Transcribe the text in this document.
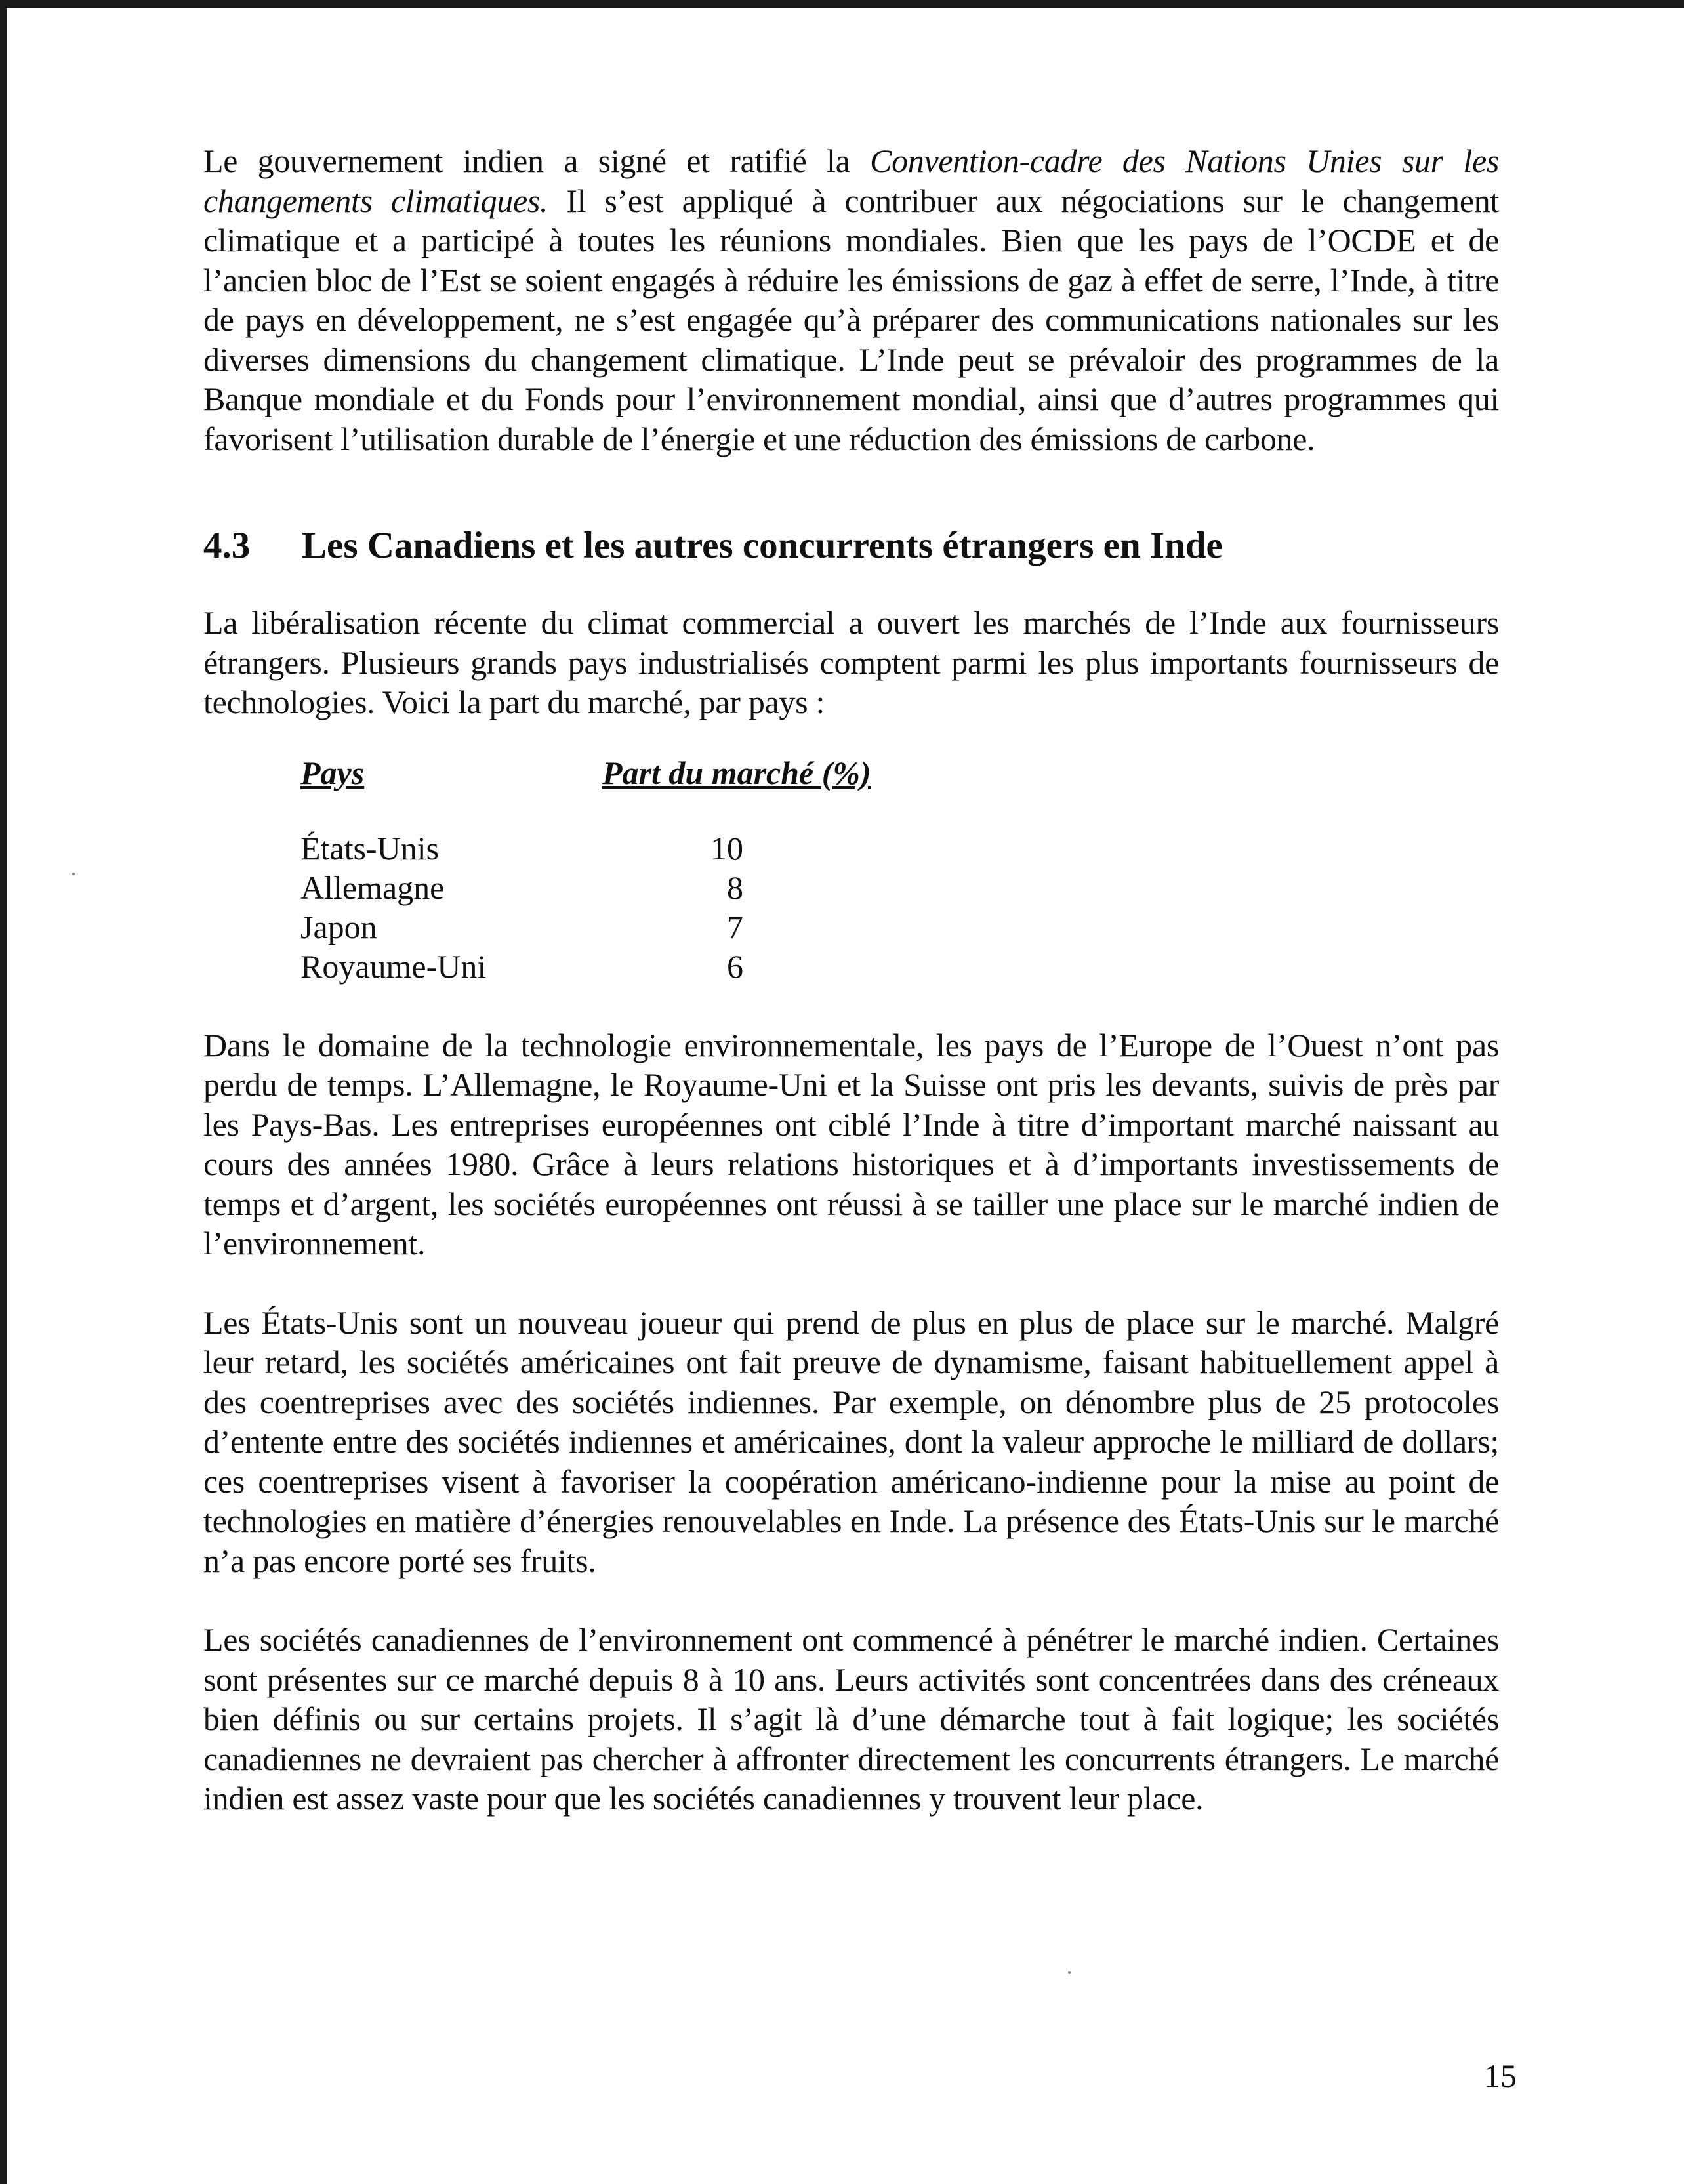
Le gouvernement indien a signé et ratifié la Convention-cadre des Nations Unies sur les changements climatiques. Il s’est appliqué à contribuer aux négociations sur le changement climatique et a participé à toutes les réunions mondiales. Bien que les pays de l’OCDE et de l’ancien bloc de l’Est se soient engagés à réduire les émissions de gaz à effet de serre, l’Inde, à titre de pays en développement, ne s’est engagée qu’à préparer des communications nationales sur les diverses dimensions du changement climatique. L’Inde peut se prévaloir des programmes de la Banque mondiale et du Fonds pour l’environnement mondial, ainsi que d’autres programmes qui favorisent l’utilisation durable de l’énergie et une réduction des émissions de carbone.

4.3	Les Canadiens et les autres concurrents étrangers en Inde

La libéralisation récente du climat commercial a ouvert les marchés de l’Inde aux fournisseurs étrangers. Plusieurs grands pays industrialisés comptent parmi les plus importants fournisseurs de technologies. Voici la part du marché, par pays :

Pays	Part du marché (%)
États-Unis	10
Allemagne	8
Japon	7
Royaume-Uni	6

Dans le domaine de la technologie environnementale, les pays de l’Europe de l’Ouest n’ont pas perdu de temps. L’Allemagne, le Royaume-Uni et la Suisse ont pris les devants, suivis de près par les Pays-Bas. Les entreprises européennes ont ciblé l’Inde à titre d’important marché naissant au cours des années 1980. Grâce à leurs relations historiques et à d’importants investissements de temps et d’argent, les sociétés européennes ont réussi à se tailler une place sur le marché indien de l’environnement.

Les États-Unis sont un nouveau joueur qui prend de plus en plus de place sur le marché. Malgré leur retard, les sociétés américaines ont fait preuve de dynamisme, faisant habituellement appel à des coentreprises avec des sociétés indiennes. Par exemple, on dénombre plus de 25 protocoles d’entente entre des sociétés indiennes et américaines, dont la valeur approche le milliard de dollars; ces coentreprises visent à favoriser la coopération américano-indienne pour la mise au point de technologies en matière d’énergies renouvelables en Inde. La présence des États-Unis sur le marché n’a pas encore porté ses fruits.

Les sociétés canadiennes de l’environnement ont commencé à pénétrer le marché indien. Certaines sont présentes sur ce marché depuis 8 à 10 ans. Leurs activités sont concentrées dans des créneaux bien définis ou sur certains projets. Il s’agit là d’une démarche tout à fait logique; les sociétés canadiennes ne devraient pas chercher à affronter directement les concurrents étrangers. Le marché indien est assez vaste pour que les sociétés canadiennes y trouvent leur place.

15
